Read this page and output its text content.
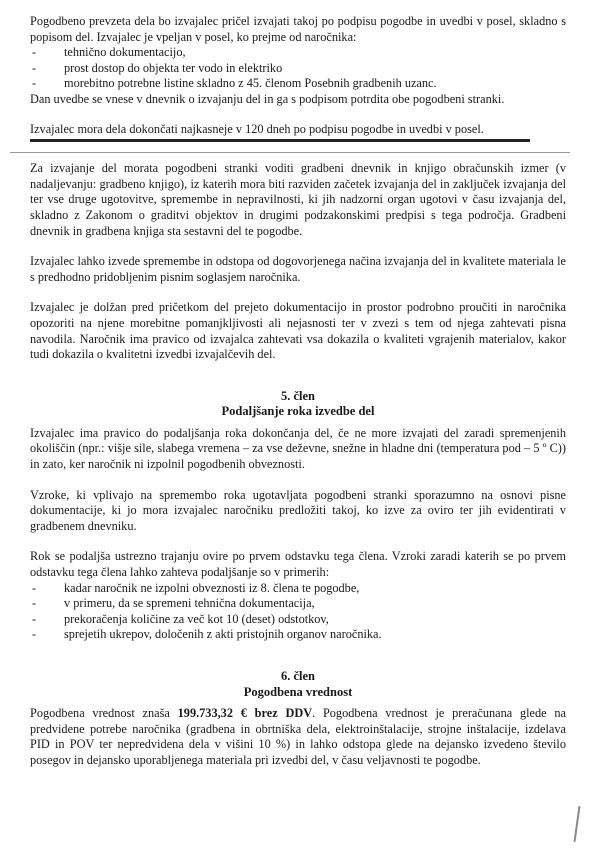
Pogodbeno prevzeta dela bo izvajalec pričel izvajati takoj po podpisu pogodbe in uvedbi v posel, skladno s popisom del. Izvajalec je vpeljan v posel, ko prejme od naročnika:

- tehnično dokumentacijo,
- prost dostop do objekta ter vodo in elektriko
- morebitno potrebne listine skladno z 45. členom Posebnih gradbenih uzanc.

Dan uvedbe se vnese v dnevnik o izvajanju del in ga s podpisom potrdita obe pogodbeni stranki.

Izvajalec mora dela dokončati najkasneje v 120 dneh po podpisu pogodbe in uvedbi v posel.

Za izvajanje del morata pogodbeni stranki voditi gradbeni dnevnik in knjigo obračunskih izmer (v nadaljevanju: gradbeno knjigo), iz katerih mora biti razviden začetek izvajanja del in zaključek izvajanja del ter vse druge ugotovitve, spremembe in nepravilnosti, ki jih nadzorni organ ugotovi v času izvajanja del, skladno z Zakonom o graditvi objektov in drugimi podzakonskimi predpisi s tega področja. Gradbeni dnevnik in gradbena knjiga sta sestavni del te pogodbe.

Izvajalec lahko izvede spremembe in odstopa od dogovorjenega načina izvajanja del in kvalitete materiala le s predhodno pridobljenim pisnim soglasjem naročnika.

Izvajalec je dolžan pred pričetkom del prejeto dokumentacijo in prostor podrobno proučiti in naročnika opozoriti na njene morebitne pomanjkljivosti ali nejasnosti ter v zvezi s tem od njega zahtevati pisna navodila. Naročnik ima pravico od izvajalca zahtevati vsa dokazila o kvaliteti vgrajenih materialov, kakor tudi dokazila o kvalitetni izvedbi izvajalčevih del.

5. člen
Podaljšanje roka izvedbe del

Izvajalec ima pravico do podaljšanja roka dokončanja del, če ne more izvajati del zaradi spremenjenih okoliščin (npr.: višje sile, slabega vremena – za vse deževne, snežne in hladne dni (temperatura pod – 5 º C)) in zato, ker naročnik ni izpolnil pogodbenih obveznosti.

Vzroke, ki vplivajo na spremembo roka ugotavljata pogodbeni stranki sporazumno na osnovi pisne dokumentacije, ki jo mora izvajalec naročniku predložiti takoj, ko izve za oviro ter jih evidentirati v gradbenem dnevniku.

Rok se podaljša ustrezno trajanju ovire po prvem odstavku tega člena. Vzroki zaradi katerih se po prvem odstavku tega člena lahko zahteva podaljšanje so v primerih:

- kadar naročnik ne izpolni obveznosti iz 8. člena te pogodbe,
- v primeru, da se spremeni tehnična dokumentacija,
- prekoračenja količine za več kot 10 (deset) odstotkov,
- sprejetih ukrepov, določenih z akti pristojnih organov naročnika.
6. člen
Pogodbena vrednost

Pogodbena vrednost znaša 199.733,32 € brez DDV. Pogodbena vrednost je preračunana glede na predvidene potrebe naročnika (gradbena in obrtniška dela, elektroinštalacije, strojne inštalacije, izdelava PID in POV ter nepredvidena dela v višini 10 %) in lahko odstopa glede na dejansko izvedeno število posegov in dejansko uporabljenega materiala pri izvedbi del, v času veljavnosti te pogodbe.
